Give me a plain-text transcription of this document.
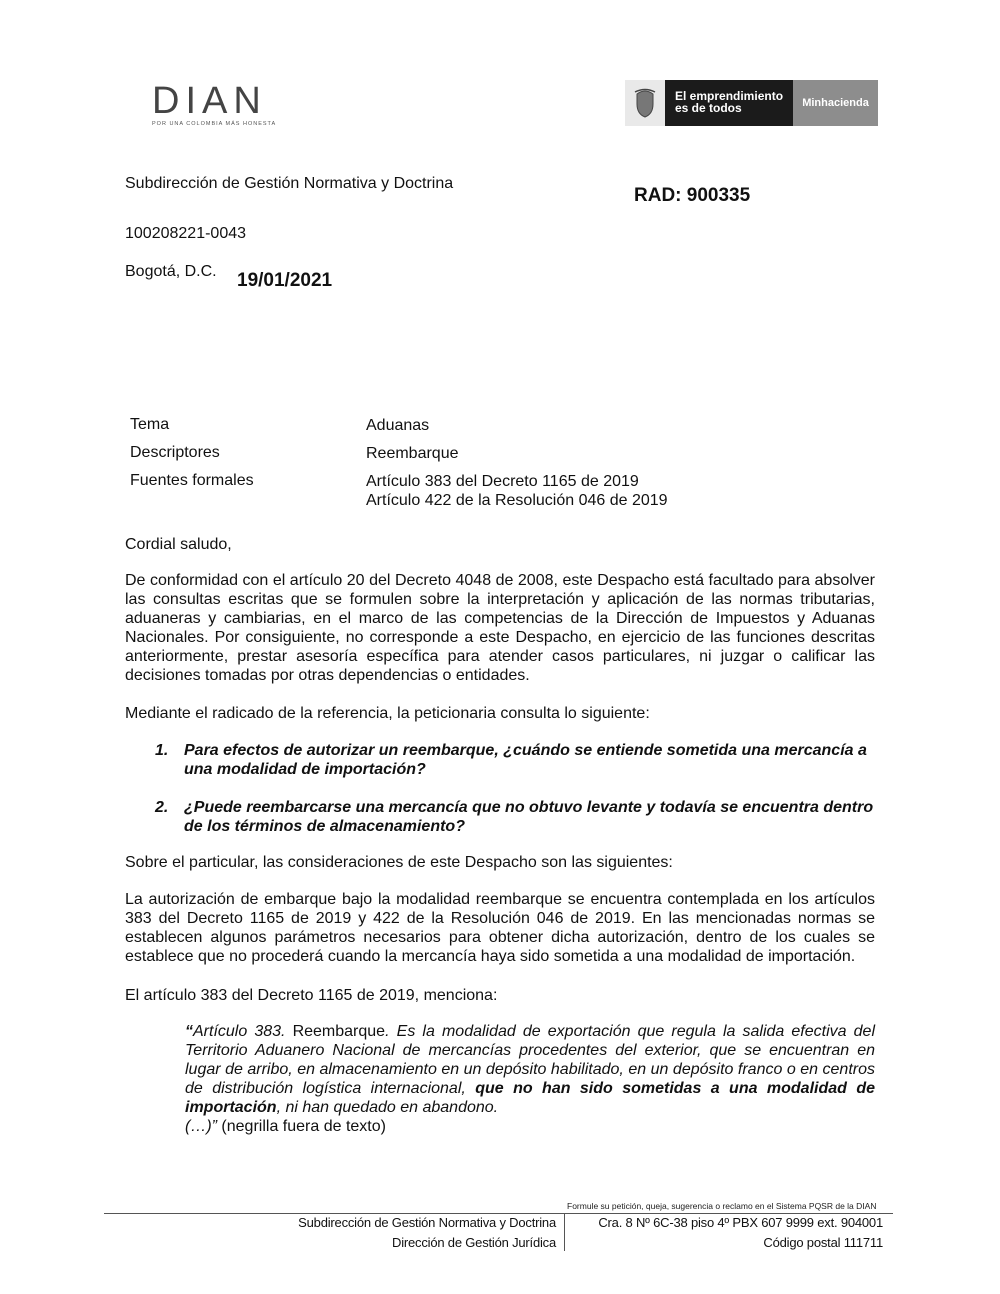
DIAN
POR UNA COLOMBIA MÁS HONESTA
El emprendimiento
es de todos	Minhacienda
Subdirección de Gestión Normativa y Doctrina
RAD: 900335
100208221-0043
Bogotá, D.C. 19/01/2021
Tema	Aduanas
Descriptores	Reembarque
Fuentes formales	Artículo 383 del Decreto 1165 de 2019
Artículo 422 de la Resolución 046 de 2019
Cordial saludo,
De conformidad con el artículo 20 del Decreto 4048 de 2008, este Despacho está facultado para absolver las consultas escritas que se formulen sobre la interpretación y aplicación de las normas tributarias, aduaneras y cambiarias, en el marco de las competencias de la Dirección de Impuestos y Aduanas Nacionales. Por consiguiente, no corresponde a este Despacho, en ejercicio de las funciones descritas anteriormente, prestar asesoría específica para atender casos particulares, ni juzgar o calificar las decisiones tomadas por otras dependencias o entidades.
Mediante el radicado de la referencia, la peticionaria consulta lo siguiente:
1. Para efectos de autorizar un reembarque, ¿cuándo se entiende sometida una mercancía a una modalidad de importación?
2. ¿Puede reembarcarse una mercancía que no obtuvo levante y todavía se encuentra dentro de los términos de almacenamiento?
Sobre el particular, las consideraciones de este Despacho son las siguientes:
La autorización de embarque bajo la modalidad reembarque se encuentra contemplada en los artículos 383 del Decreto 1165 de 2019 y 422 de la Resolución 046 de 2019. En las mencionadas normas se establecen algunos parámetros necesarios para obtener dicha autorización, dentro de los cuales se establece que no procederá cuando la mercancía haya sido sometida a una modalidad de importación.
El artículo 383 del Decreto 1165 de 2019, menciona:
“Artículo 383. Reembarque. Es la modalidad de exportación que regula la salida efectiva del Territorio Aduanero Nacional de mercancías procedentes del exterior, que se encuentran en lugar de arribo, en almacenamiento en un depósito habilitado, en un depósito franco o en centros de distribución logística internacional, que no han sido sometidas a una modalidad de importación, ni han quedado en abandono.
(…)” (negrilla fuera de texto)
Formule su petición, queja, sugerencia o reclamo en el Sistema PQSR de la DIAN
Subdirección de Gestión Normativa y Doctrina
Dirección de Gestión Jurídica
Cra. 8 Nº 6C-38 piso 4º PBX 607 9999 ext. 904001
Código postal 111711
